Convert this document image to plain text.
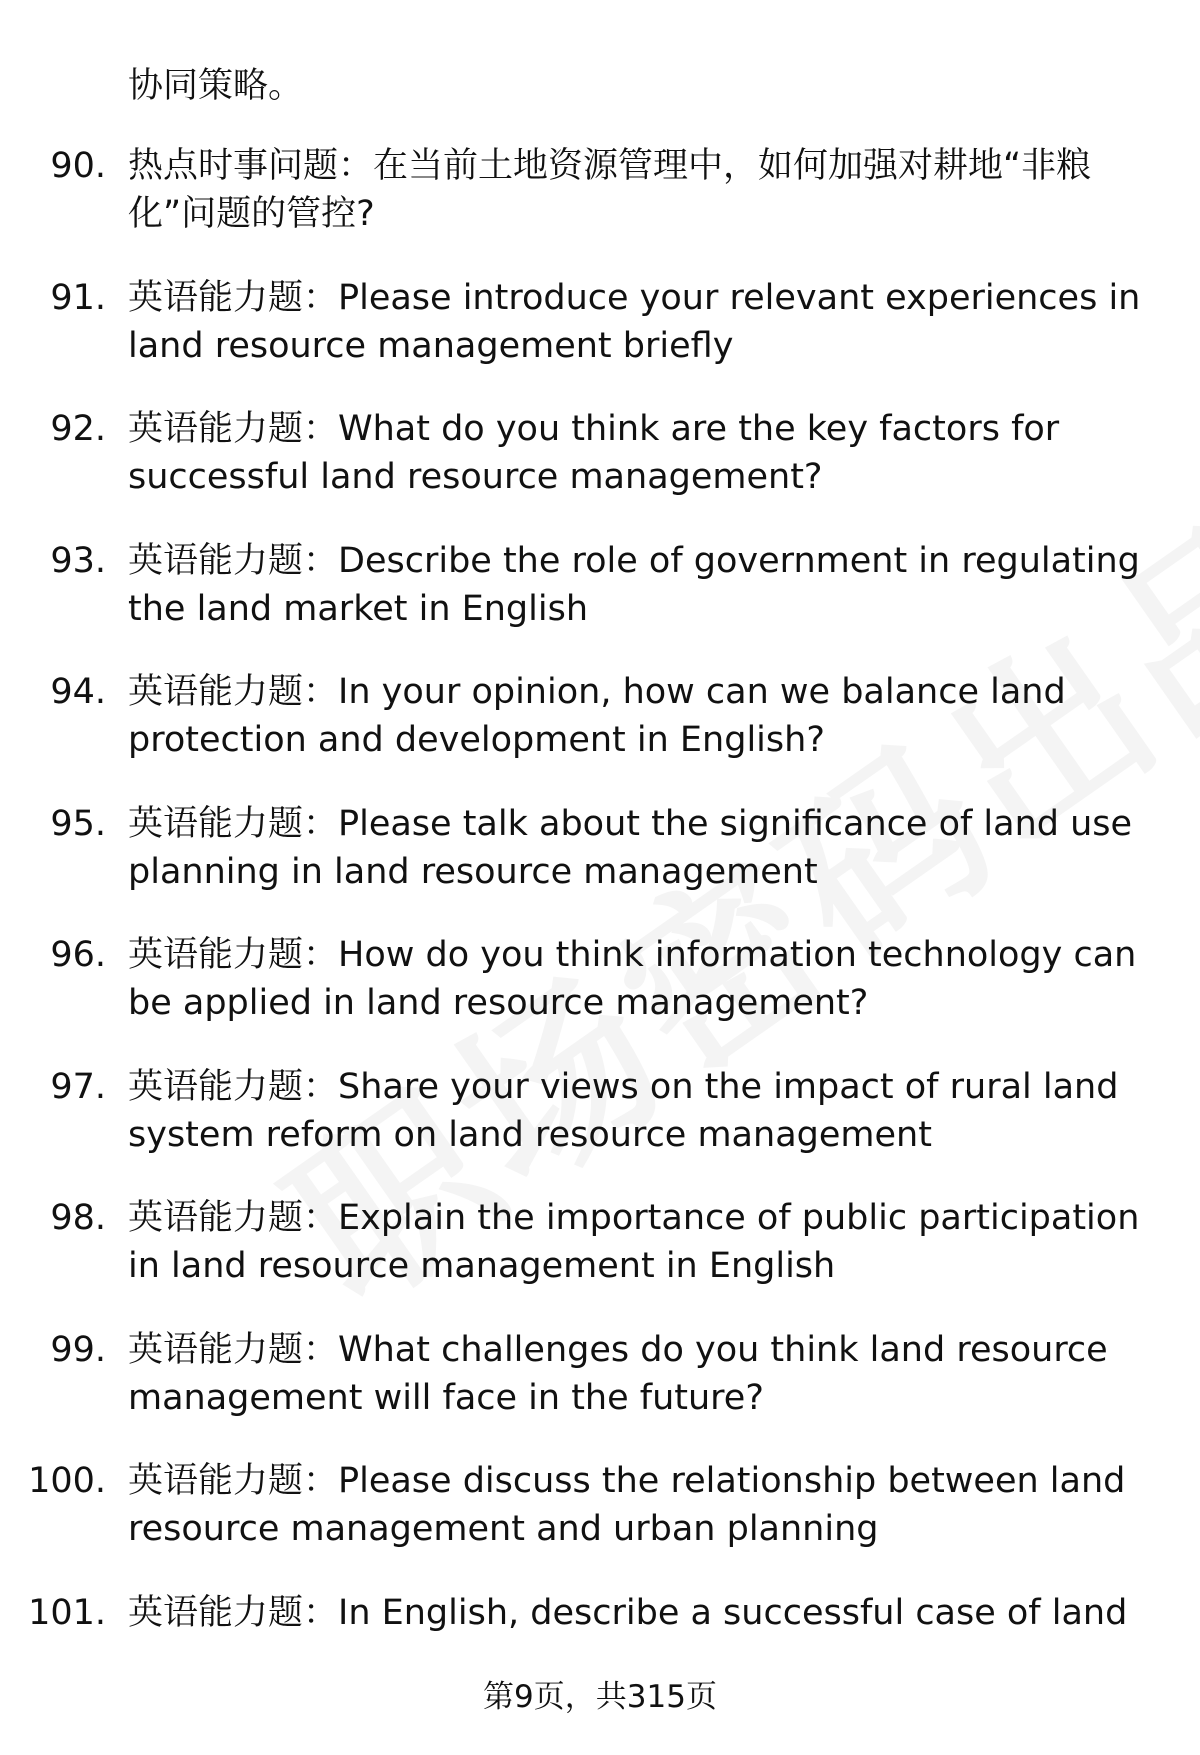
协同策略。
90. 热点时事问题：在当前土地资源管理中，如何加强对耕地“非粮化”问题的管控?
91. 英语能力题：Please introduce your relevant experiences in land resource management briefly
92. 英语能力题：What do you think are the key factors for successful land resource management?
93. 英语能力题：Describe the role of government in regulating the land market in English
94. 英语能力题：In your opinion, how can we balance land protection and development in English?
95. 英语能力题：Please talk about the significance of land use planning in land resource management
96. 英语能力题：How do you think information technology can be applied in land resource management?
97. 英语能力题：Share your views on the impact of rural land system reform on land resource management
98. 英语能力题：Explain the importance of public participation in land resource management in English
99. 英语能力题：What challenges do you think land resource management will face in the future?
100. 英语能力题：Please discuss the relationship between land resource management and urban planning
101. 英语能力题：In English, describe a successful case of land
第9页，共315页
